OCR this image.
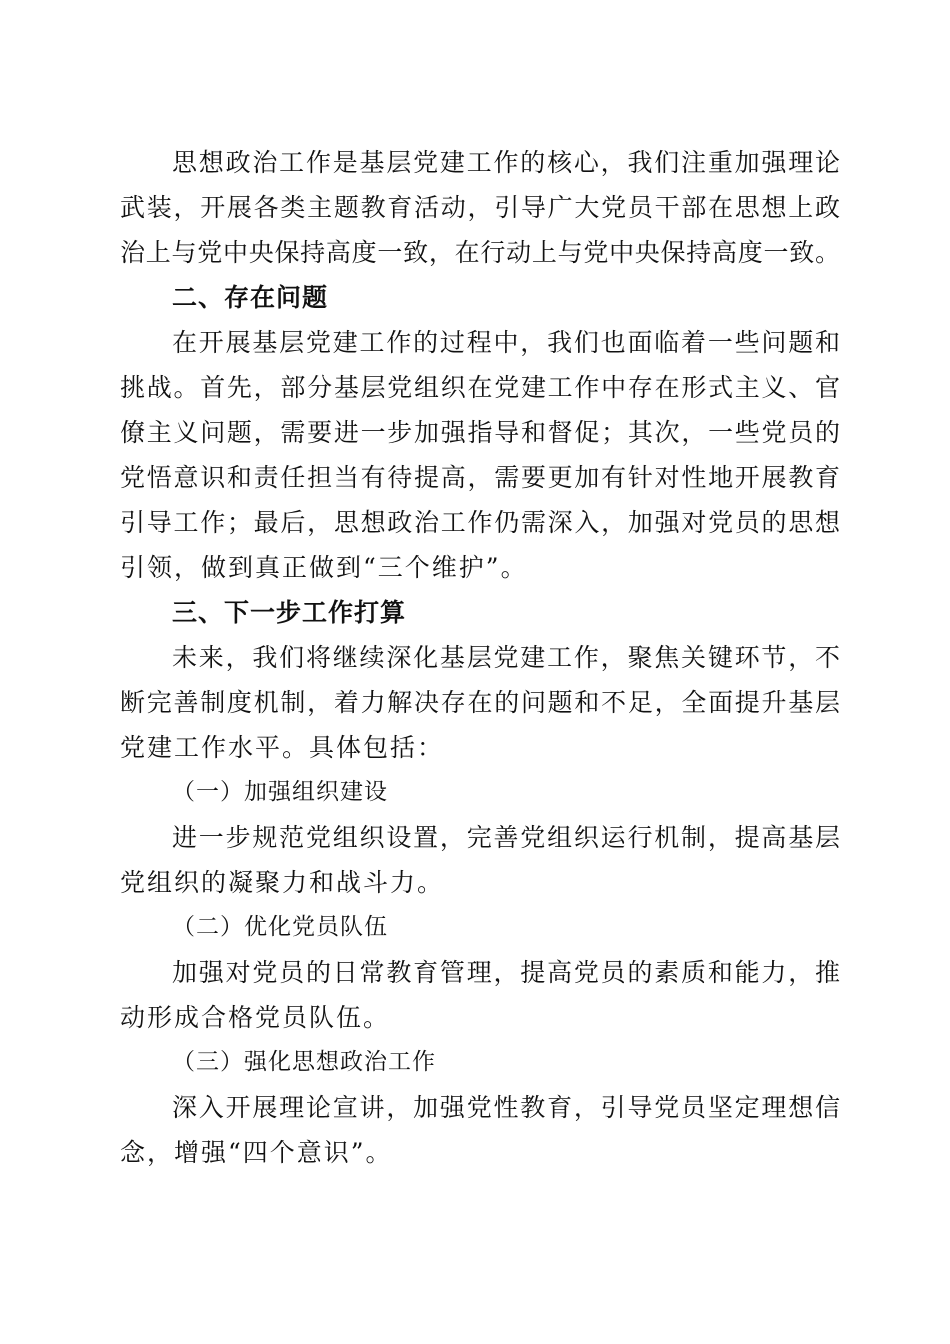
思想政治工作是基层党建工作的核心，我们注重加强理论
武装，开展各类主题教育活动，引导广大党员干部在思想上政
治上与党中央保持高度一致，在行动上与党中央保持高度一致。
二、存在问题
在开展基层党建工作的过程中，我们也面临着一些问题和
挑战。首先，部分基层党组织在党建工作中存在形式主义、官
僚主义问题，需要进一步加强指导和督促；其次，一些党员的
党悟意识和责任担当有待提高，需要更加有针对性地开展教育
引导工作；最后，思想政治工作仍需深入，加强对党员的思想
引领，做到真正做到“三个维护”。
三、下一步工作打算
未来，我们将继续深化基层党建工作，聚焦关键环节，不
断完善制度机制，着力解决存在的问题和不足，全面提升基层
党建工作水平。具体包括：
（一）加强组织建设
进一步规范党组织设置，完善党组织运行机制，提高基层
党组织的凝聚力和战斗力。
（二）优化党员队伍
加强对党员的日常教育管理，提高党员的素质和能力，推
动形成合格党员队伍。
（三）强化思想政治工作
深入开展理论宣讲，加强党性教育，引导党员坚定理想信
念，增强“四个意识”。
